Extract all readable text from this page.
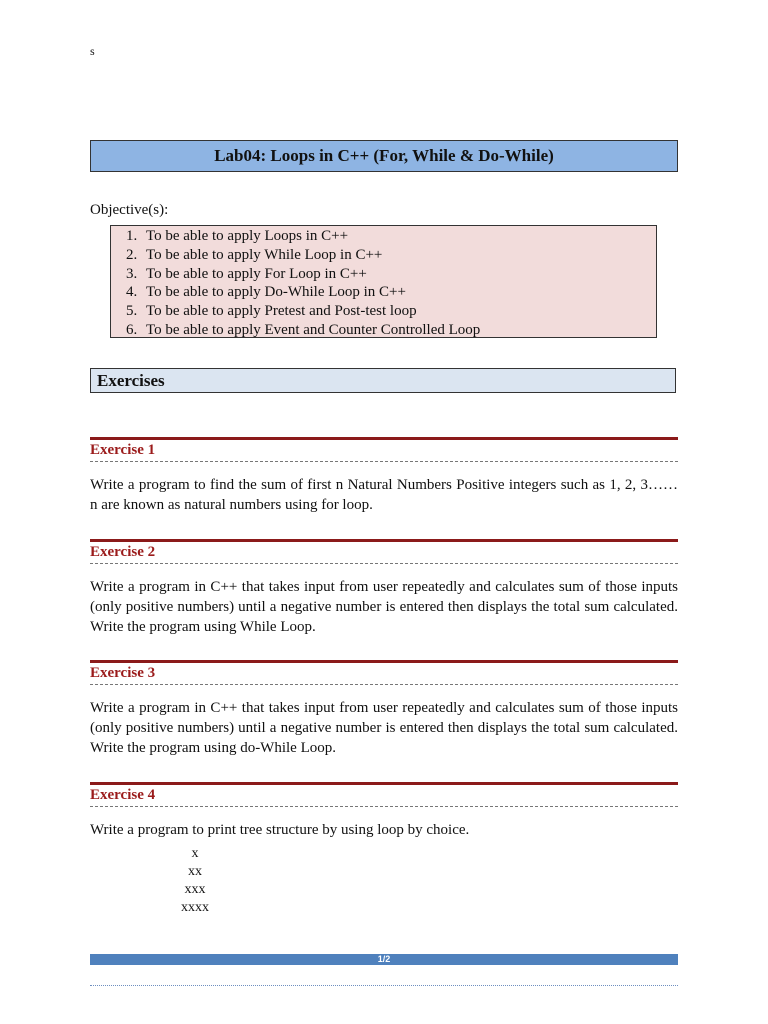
s
Lab04: Loops in C++ (For, While & Do-While)
Objective(s):
1. To be able to apply Loops in C++
2. To be able to apply While Loop in C++
3. To be able to apply For Loop in C++
4. To be able to apply Do-While Loop in C++
5. To be able to apply Pretest and Post-test loop
6. To be able to apply Event and Counter Controlled Loop
Exercises
Exercise 1

Write a program to find the sum of first n Natural Numbers Positive integers such as 1, 2, 3…… n are known as natural numbers using for loop.

Exercise 2

Write a program in C++ that takes input from user repeatedly and calculates sum of those inputs (only positive numbers) until a negative number is entered then displays the total sum calculated. Write the program using While Loop.

Exercise 3

Write a program in C++ that takes input from user repeatedly and calculates sum of those inputs (only positive numbers) until a negative number is entered then displays the total sum calculated. Write the program using do-While Loop.

Exercise 4

Write a program to print tree structure by using loop by choice.

x
xx
xxx
xxxx
1/2
